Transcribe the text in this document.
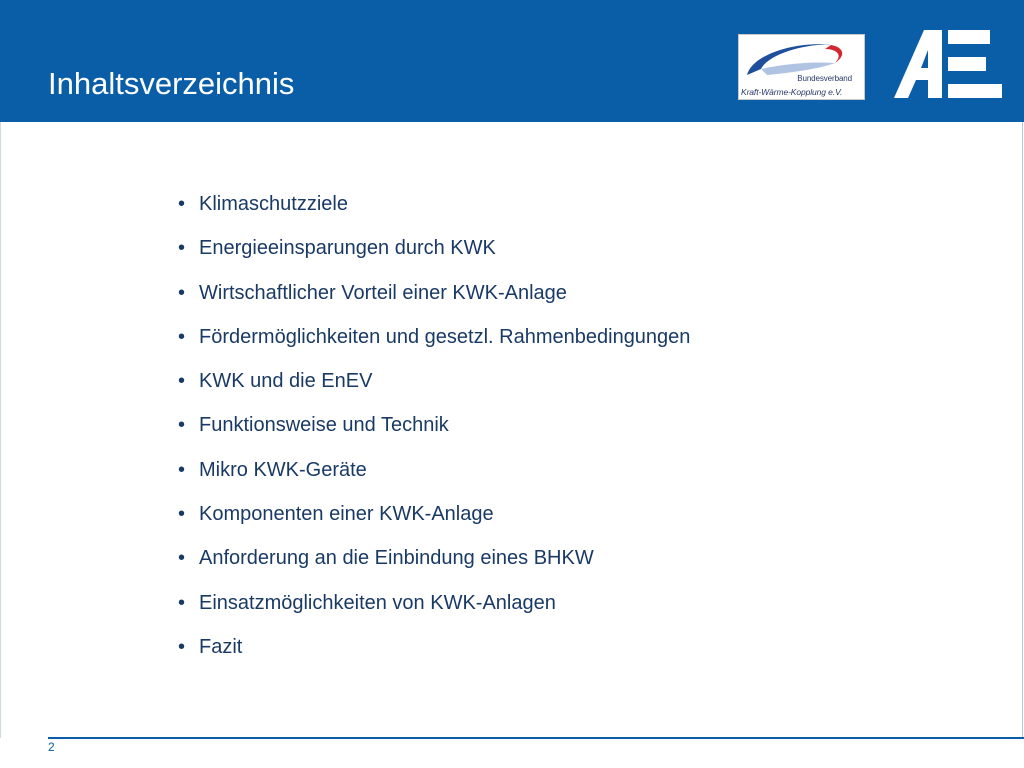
Inhaltsverzeichnis	Bundesverband
Kraft-Wärme-Kopplung e.V.
• Klimaschutzziele
• Energieeinsparungen durch KWK
• Wirtschaftlicher Vorteil einer KWK-Anlage
• Fördermöglichkeiten und gesetzl. Rahmenbedingungen
• KWK und die EnEV
• Funktionsweise und Technik
• Mikro KWK-Geräte
• Komponenten einer KWK-Anlage
• Anforderung an die Einbindung eines BHKW
• Einsatzmöglichkeiten von KWK-Anlagen
• Fazit
2
